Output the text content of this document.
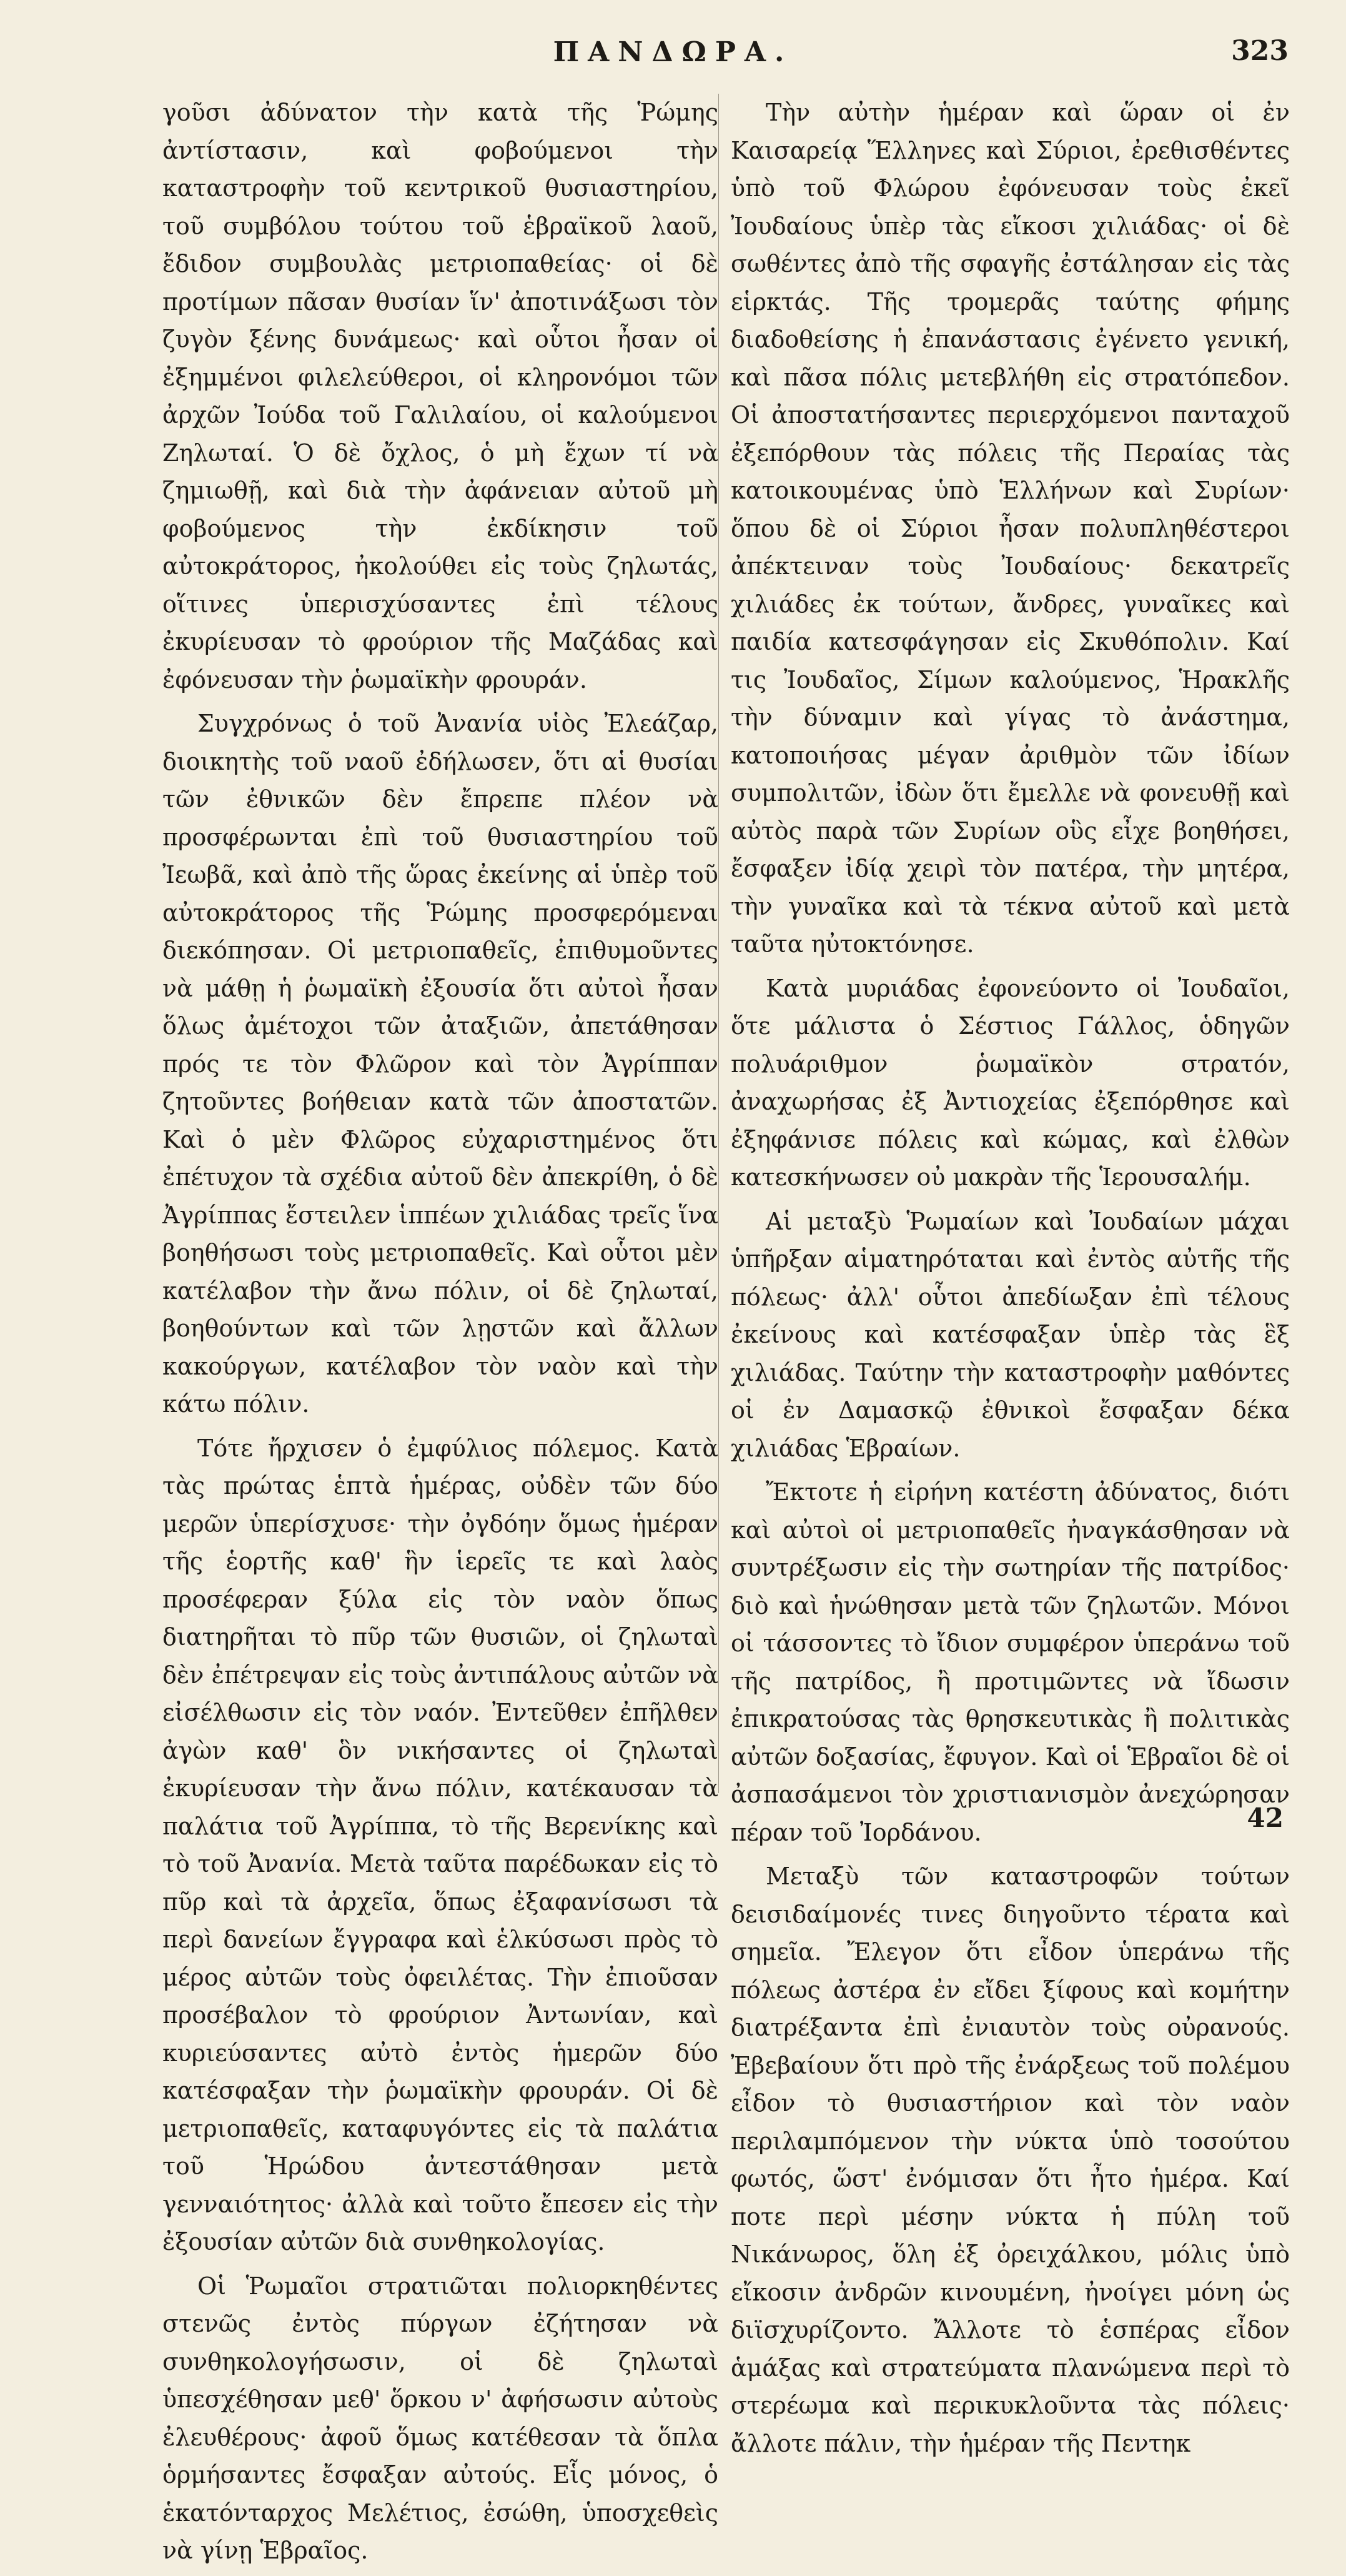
ΠΑΝΔΩΡΑ.	323

γοῦσι ἀδύνατον τὴν κατὰ τῆς Ῥώμης ἀντίστασιν, καὶ φοβούμενοι τὴν καταστροφὴν τοῦ κεντρικοῦ θυσιαστηρίου, τοῦ συμβόλου τούτου τοῦ ἑβραϊκοῦ λαοῦ, ἔδιδον συμβουλὰς μετριοπαθείας· οἱ δὲ προτίμων πᾶσαν θυσίαν ἵν' ἀποτινάξωσι τὸν ζυγὸν ξένης δυνάμεως· καὶ οὗτοι ἦσαν οἱ ἐξημμένοι φιλελεύθεροι, οἱ κληρονόμοι τῶν ἀρχῶν Ἰούδα τοῦ Γαλιλαίου, οἱ καλούμενοι Ζηλωταί. Ὁ δὲ ὄχλος, ὁ μὴ ἔχων τί νὰ ζημιωθῇ, καὶ διὰ τὴν ἀφάνειαν αὐτοῦ μὴ φοβούμενος τὴν ἐκδίκησιν τοῦ αὐτοκράτορος, ἠκολούθει εἰς τοὺς ζηλωτάς, οἵτινες ὑπερισχύσαντες ἐπὶ τέλους ἐκυρίευσαν τὸ φρούριον τῆς Μαζάδας καὶ ἐφόνευσαν τὴν ῥωμαϊκὴν φρουράν.

Συγχρόνως ὁ τοῦ Ἀνανία υἱὸς Ἐλεάζαρ, διοικητὴς τοῦ ναοῦ ἐδήλωσεν, ὅτι αἱ θυσίαι τῶν ἐθνικῶν δὲν ἔπρεπε πλέον νὰ προσφέρωνται ἐπὶ τοῦ θυσιαστηρίου τοῦ Ἰεωβᾶ, καὶ ἀπὸ τῆς ὥρας ἐκείνης αἱ ὑπὲρ τοῦ αὐτοκράτορος τῆς Ῥώμης προσφερόμεναι διεκόπησαν. Οἱ μετριοπαθεῖς, ἐπιθυμοῦντες νὰ μάθῃ ἡ ῥωμαϊκὴ ἐξουσία ὅτι αὐτοὶ ἦσαν ὅλως ἀμέτοχοι τῶν ἀταξιῶν, ἀπετάθησαν πρός τε τὸν Φλῶρον καὶ τὸν Ἀγρίππαν ζητοῦντες βοήθειαν κατὰ τῶν ἀποστατῶν. Καὶ ὁ μὲν Φλῶρος εὐχαριστημένος ὅτι ἐπέτυχον τὰ σχέδια αὐτοῦ δὲν ἀπεκρίθη, ὁ δὲ Ἀγρίππας ἔστειλεν ἱππέων χιλιάδας τρεῖς ἵνα βοηθήσωσι τοὺς μετριοπαθεῖς. Καὶ οὗτοι μὲν κατέλαβον τὴν ἄνω πόλιν, οἱ δὲ ζηλωταί, βοηθούντων καὶ τῶν λῃστῶν καὶ ἄλλων κακούργων, κατέλαβον τὸν ναὸν καὶ τὴν κάτω πόλιν.

Τότε ἤρχισεν ὁ ἐμφύλιος πόλεμος. Κατὰ τὰς πρώτας ἑπτὰ ἡμέρας, οὐδὲν τῶν δύο μερῶν ὑπερίσχυσε· τὴν ὀγδόην ὅμως ἡμέραν τῆς ἑορτῆς καθ' ἣν ἱερεῖς τε καὶ λαὸς προσέφεραν ξύλα εἰς τὸν ναὸν ὅπως διατηρῆται τὸ πῦρ τῶν θυσιῶν, οἱ ζηλωταὶ δὲν ἐπέτρεψαν εἰς τοὺς ἀντιπάλους αὐτῶν νὰ εἰσέλθωσιν εἰς τὸν ναόν. Ἐντεῦθεν ἐπῆλθεν ἀγὼν καθ' ὃν νικήσαντες οἱ ζηλωταὶ ἐκυρίευσαν τὴν ἄνω πόλιν, κατέκαυσαν τὰ παλάτια τοῦ Ἀγρίππα, τὸ τῆς Βερενίκης καὶ τὸ τοῦ Ἀνανία. Μετὰ ταῦτα παρέδωκαν εἰς τὸ πῦρ καὶ τὰ ἀρχεῖα, ὅπως ἐξαφανίσωσι τὰ περὶ δανείων ἔγγραφα καὶ ἑλκύσωσι πρὸς τὸ μέρος αὐτῶν τοὺς ὀφειλέτας. Τὴν ἐπιοῦσαν προσέβαλον τὸ φρούριον Ἀντωνίαν, καὶ κυριεύσαντες αὐτὸ ἐντὸς ἡμερῶν δύο κατέσφαξαν τὴν ῥωμαϊκὴν φρουράν. Οἱ δὲ μετριοπαθεῖς, καταφυγόντες εἰς τὰ παλάτια τοῦ Ἡρώδου ἀντεστάθησαν μετὰ γενναιότητος· ἀλλὰ καὶ τοῦτο ἔπεσεν εἰς τὴν ἐξουσίαν αὐτῶν διὰ συνθηκολογίας.

Οἱ Ῥωμαῖοι στρατιῶται πολιορκηθέντες στενῶς ἐντὸς πύργων ἐζήτησαν νὰ συνθηκολογήσωσιν, οἱ δὲ ζηλωταὶ ὑπεσχέθησαν μεθ' ὅρκου ν' ἀφήσωσιν αὐτοὺς ἐλευθέρους· ἀφοῦ ὅμως κατέθεσαν τὰ ὅπλα ὁρμήσαντες ἔσφαξαν αὐτούς. Εἷς μόνος, ὁ ἑκατόνταρχος Μελέτιος, ἐσώθη, ὑποσχεθεὶς νὰ γίνῃ Ἑβραῖος.

Τὴν αὐτὴν ἡμέραν καὶ ὥραν οἱ ἐν Καισαρείᾳ Ἕλληνες καὶ Σύριοι, ἐρεθισθέντες ὑπὸ τοῦ Φλώρου ἐφόνευσαν τοὺς ἐκεῖ Ἰουδαίους ὑπὲρ τὰς εἴκοσι χιλιάδας· οἱ δὲ σωθέντες ἀπὸ τῆς σφαγῆς ἐστάλησαν εἰς τὰς εἱρκτάς. Τῆς τρομερᾶς ταύτης φήμης διαδοθείσης ἡ ἐπανάστασις ἐγένετο γενική, καὶ πᾶσα πόλις μετεβλήθη εἰς στρατόπεδον. Οἱ ἀποστατήσαντες περιερχόμενοι πανταχοῦ ἐξεπόρθουν τὰς πόλεις τῆς Περαίας τὰς κατοικουμένας ὑπὸ Ἑλλήνων καὶ Συρίων· ὅπου δὲ οἱ Σύριοι ἦσαν πολυπληθέστεροι ἀπέκτειναν τοὺς Ἰουδαίους· δεκατρεῖς χιλιάδες ἐκ τούτων, ἄνδρες, γυναῖκες καὶ παιδία κατεσφάγησαν εἰς Σκυθόπολιν. Καί τις Ἰουδαῖος, Σίμων καλούμενος, Ἡρακλῆς τὴν δύναμιν καὶ γίγας τὸ ἀνάστημα, κατοποιήσας μέγαν ἀριθμὸν τῶν ἰδίων συμπολιτῶν, ἰδὼν ὅτι ἔμελλε νὰ φονευθῇ καὶ αὐτὸς παρὰ τῶν Συρίων οὓς εἶχε βοηθήσει, ἔσφαξεν ἰδίᾳ χειρὶ τὸν πατέρα, τὴν μητέρα, τὴν γυναῖκα καὶ τὰ τέκνα αὐτοῦ καὶ μετὰ ταῦτα ηὐτοκτόνησε.

Κατὰ μυριάδας ἐφονεύοντο οἱ Ἰουδαῖοι, ὅτε μάλιστα ὁ Σέστιος Γάλλος, ὁδηγῶν πολυάριθμον ῥωμαϊκὸν στρατόν, ἀναχωρήσας ἐξ Ἀντιοχείας ἐξεπόρθησε καὶ ἐξηφάνισε πόλεις καὶ κώμας, καὶ ἐλθὼν κατεσκήνωσεν οὐ μακρὰν τῆς Ἱερουσαλήμ.

Αἱ μεταξὺ Ῥωμαίων καὶ Ἰουδαίων μάχαι ὑπῆρξαν αἱματηρόταται καὶ ἐντὸς αὐτῆς τῆς πόλεως· ἀλλ' οὗτοι ἀπεδίωξαν ἐπὶ τέλους ἐκείνους καὶ κατέσφαξαν ὑπὲρ τὰς ἓξ χιλιάδας. Ταύτην τὴν καταστροφὴν μαθόντες οἱ ἐν Δαμασκῷ ἐθνικοὶ ἔσφαξαν δέκα χιλιάδας Ἑβραίων.

Ἔκτοτε ἡ εἰρήνη κατέστη ἀδύνατος, διότι καὶ αὐτοὶ οἱ μετριοπαθεῖς ἠναγκάσθησαν νὰ συντρέξωσιν εἰς τὴν σωτηρίαν τῆς πατρίδος· διὸ καὶ ἡνώθησαν μετὰ τῶν ζηλωτῶν. Μόνοι οἱ τάσσοντες τὸ ἴδιον συμφέρον ὑπεράνω τοῦ τῆς πατρίδος, ἢ προτιμῶντες νὰ ἴδωσιν ἐπικρατούσας τὰς θρησκευτικὰς ἢ πολιτικὰς αὐτῶν δοξασίας, ἔφυγον. Καὶ οἱ Ἑβραῖοι δὲ οἱ ἀσπασάμενοι τὸν χριστιανισμὸν ἀνεχώρησαν πέραν τοῦ Ἰορδάνου.

Μεταξὺ τῶν καταστροφῶν τούτων δεισιδαίμονές τινες διηγοῦντο τέρατα καὶ σημεῖα. Ἔλεγον ὅτι εἶδον ὑπεράνω τῆς πόλεως ἀστέρα ἐν εἴδει ξίφους καὶ κομήτην διατρέξαντα ἐπὶ ἐνιαυτὸν τοὺς οὐρανούς. Ἐβεβαίουν ὅτι πρὸ τῆς ἐνάρξεως τοῦ πολέμου εἶδον τὸ θυσιαστήριον καὶ τὸν ναὸν περιλαμπόμενον τὴν νύκτα ὑπὸ τοσούτου φωτός, ὥστ' ἐνόμισαν ὅτι ἦτο ἡμέρα. Καί ποτε περὶ μέσην νύκτα ἡ πύλη τοῦ Νικάνωρος, ὅλη ἐξ ὀρειχάλκου, μόλις ὑπὸ εἴκοσιν ἀνδρῶν κινουμένη, ἠνοίγει μόνη ὡς διϊσχυρίζοντο. Ἄλλοτε τὸ ἑσπέρας εἶδον ἁμάξας καὶ στρατεύματα πλανώμενα περὶ τὸ στερέωμα καὶ περικυκλοῦντα τὰς πόλεις· ἄλλοτε πάλιν, τὴν ἡμέραν τῆς Πεντηκ

42
